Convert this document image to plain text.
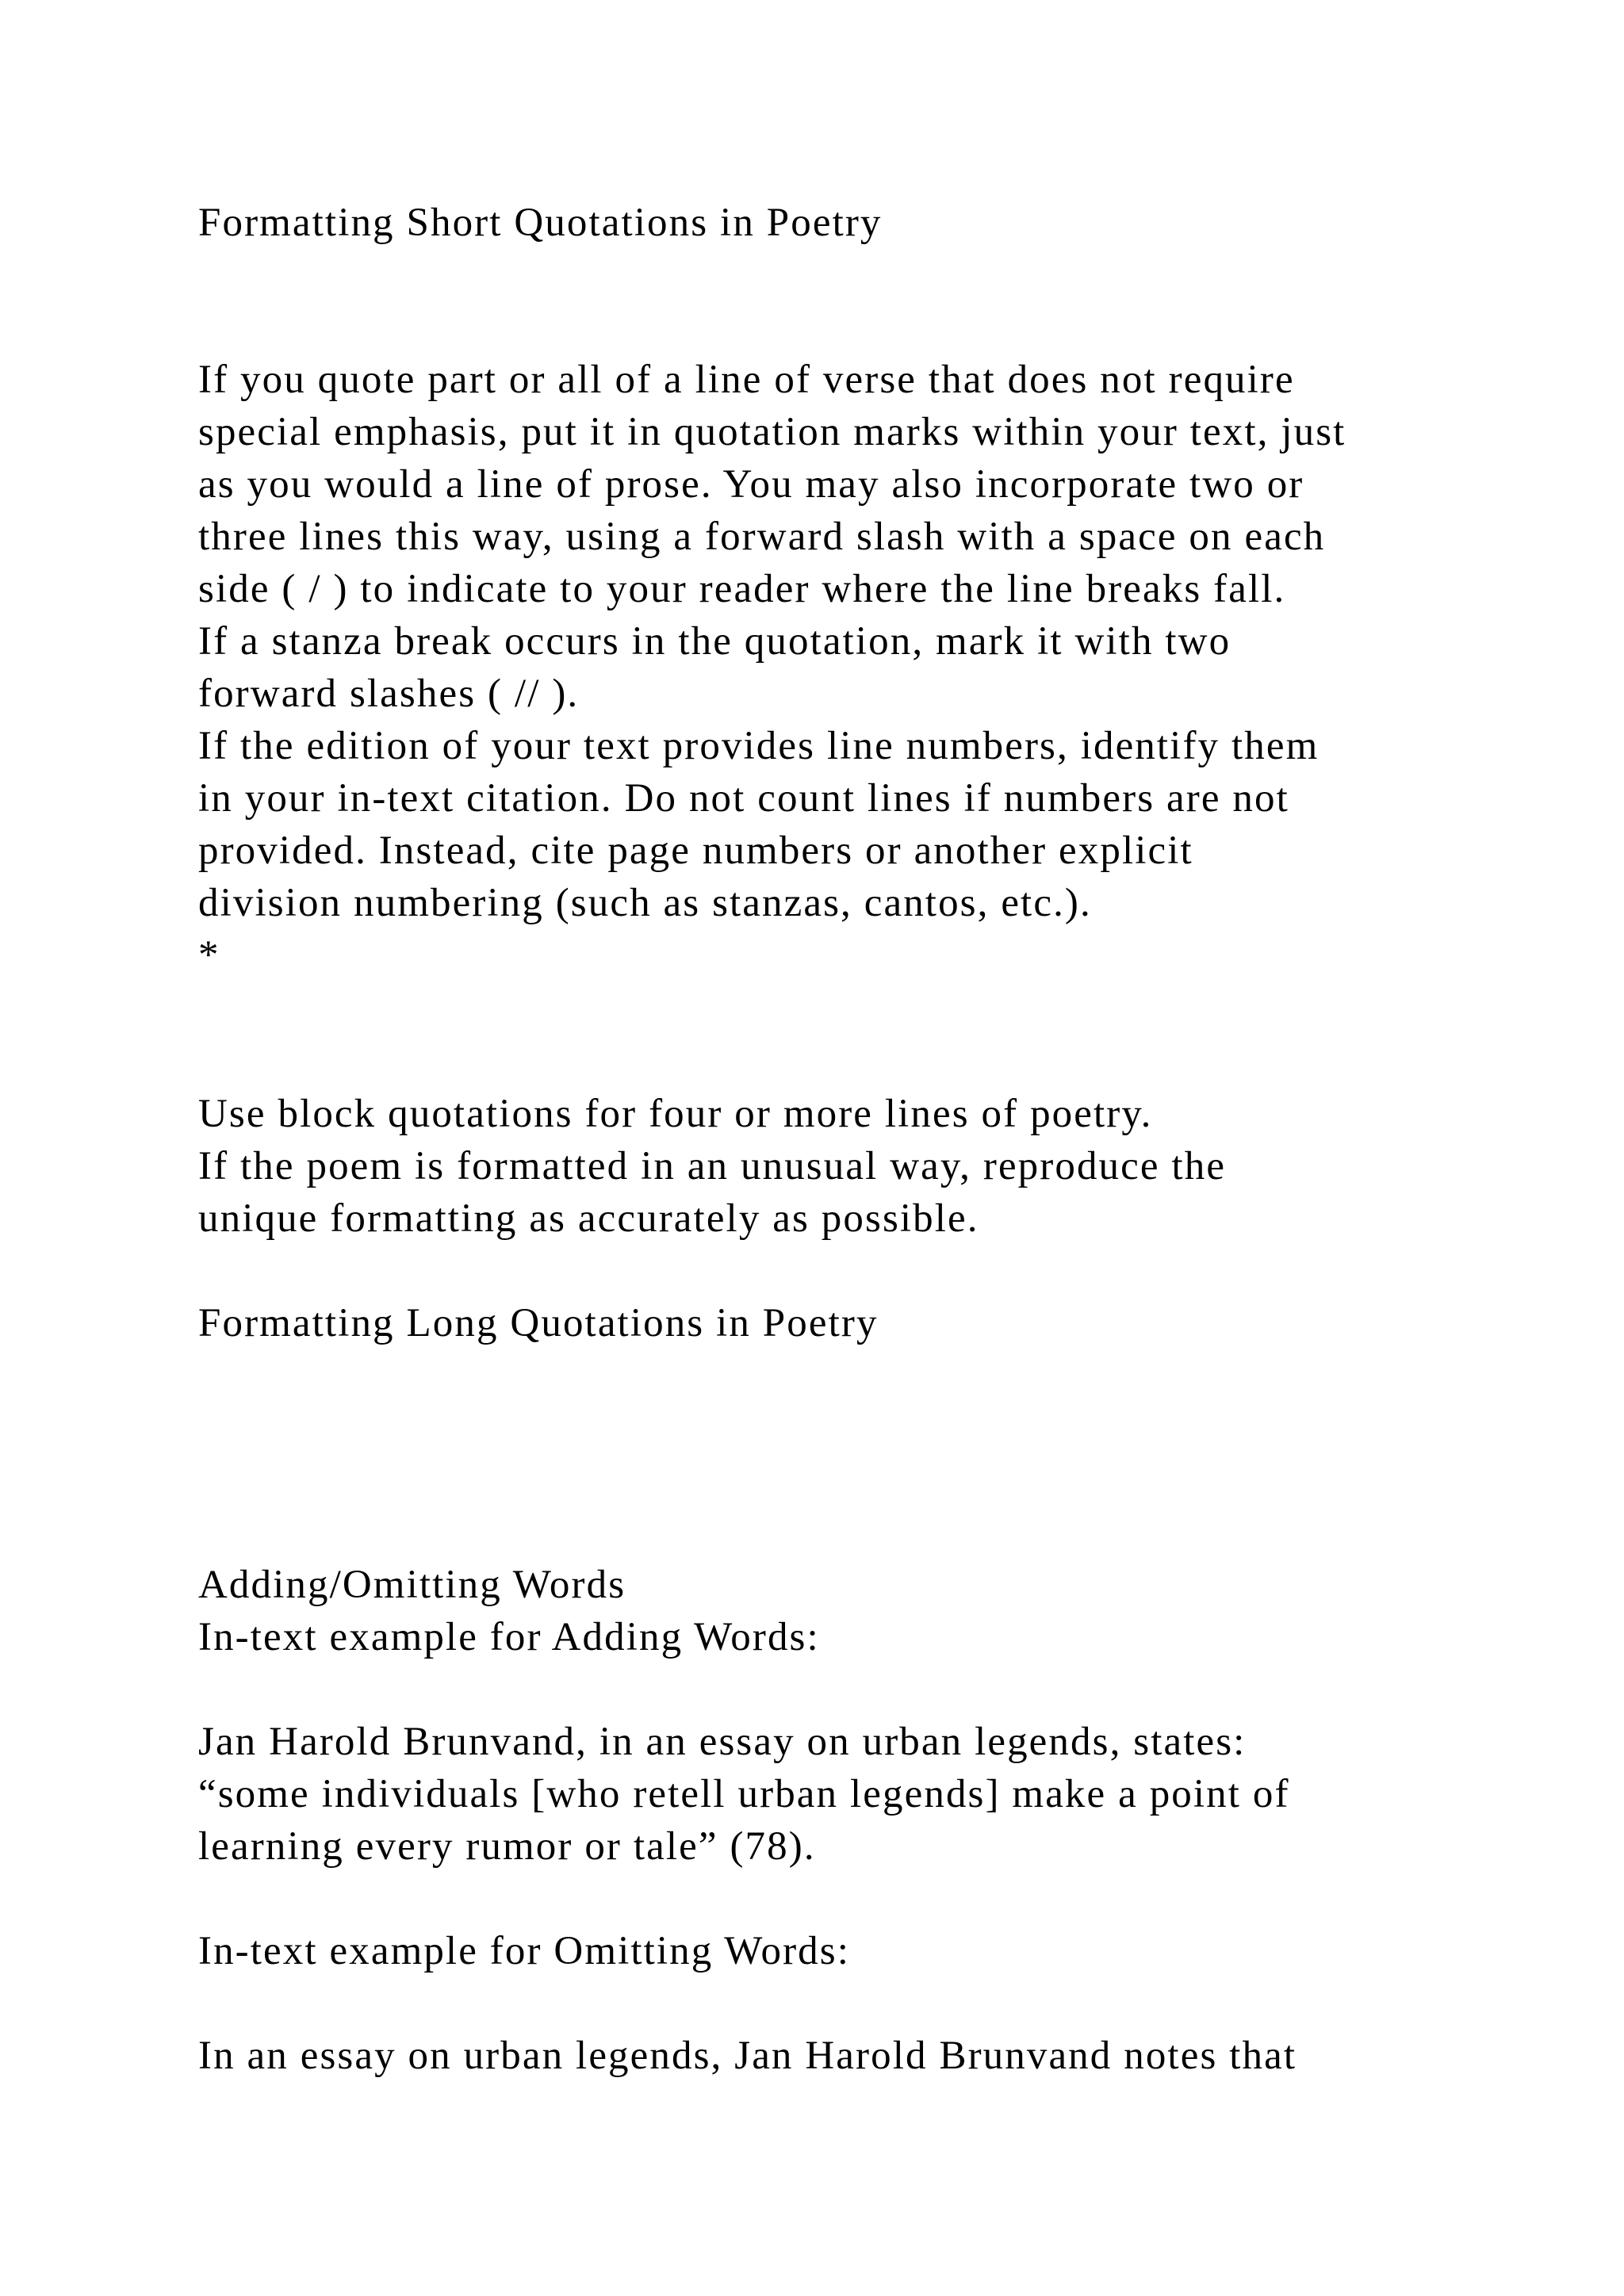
Formatting Short Quotations in Poetry

If you quote part or all of a line of verse that does not require

special emphasis, put it in quotation marks within your text, just

as you would a line of prose. You may also incorporate two or

three lines this way, using a forward slash with a space on each

side ( / ) to indicate to your reader where the line breaks fall.

If a stanza break occurs in the quotation, mark it with two

forward slashes ( // ).

If the edition of your text provides line numbers, identify them

in your in-text citation. Do not count lines if numbers are not

provided. Instead, cite page numbers or another explicit

division numbering (such as stanzas, cantos, etc.).

*

Use block quotations for four or more lines of poetry.

If the poem is formatted in an unusual way, reproduce the

unique formatting as accurately as possible.

Formatting Long Quotations in Poetry

Adding/Omitting Words

In-text example for Adding Words:

Jan Harold Brunvand, in an essay on urban legends, states:

“some individuals [who retell urban legends] make a point of

learning every rumor or tale” (78).

In-text example for Omitting Words:

In an essay on urban legends, Jan Harold Brunvand notes that
